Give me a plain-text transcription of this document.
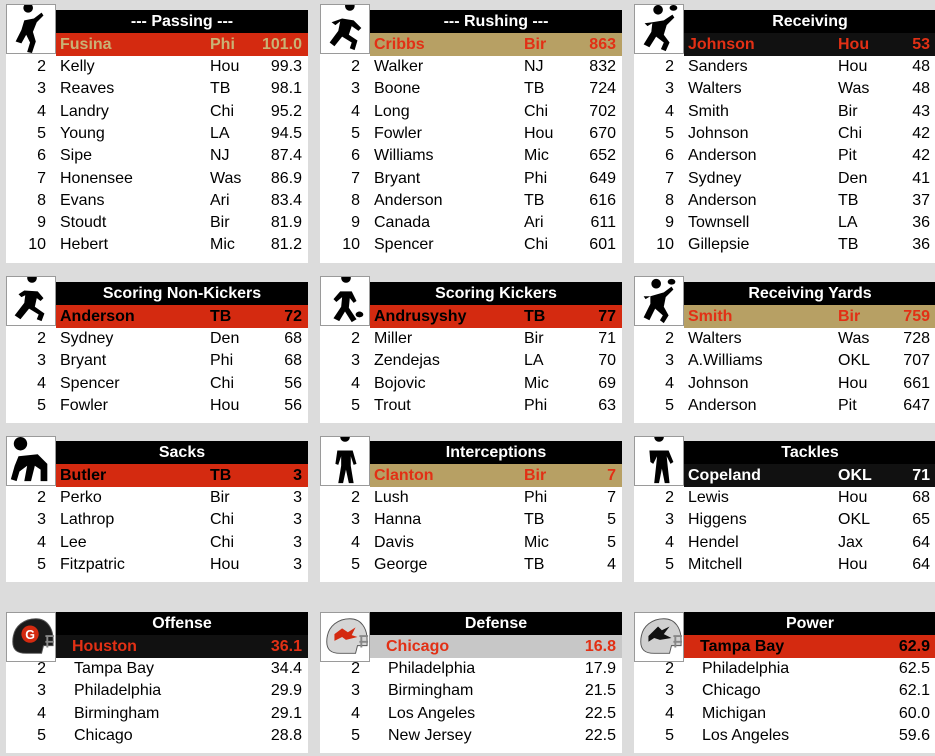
--- Passing ---
Fusina	Phi 101.0
2 Kelly	Hou 99.3
3 Reaves	TB	98.1
4 Landry	Chi 95.2
5 Young	LA	94.5
6 Sipe	NJ	87.4
7 Honensee	Was 86.9
8 Evans	Ari	83.4
9 Stoudt	Bir	81.9
10 Hebert	Mic 81.2
--- Rushing ---
Cribbs	Bir	863
2 Walker	NJ	832
3 Boone	TB	724
4 Long	Chi	702
5 Fowler	Hou 670
6 Williams	Mic	652
7 Bryant	Phi	649
8 Anderson	TB	616
9 Canada	Ari	611
10 Spencer	Chi	601
Receiving
Johnson	Hou	53
2 Sanders	Hou	48
3 Walters	Was	48
4 Smith	Bir	43
5 Johnson	Chi	42
6 Anderson	Pit	42
7 Sydney	Den	41
8 Anderson	TB	37
9 Townsell	LA	36
10 Gillepsie	TB	36
Scoring Non-Kickers
Anderson	TB	72
2 Sydney	Den	68
3 Bryant	Phi	68
4 Spencer	Chi	56
5 Fowler	Hou	56
Scoring Kickers
Andrusyshy	TB	77
2 Miller	Bir	71
3 Zendejas	LA	70
4 Bojovic	Mic	69
5 Trout	Phi	63
Receiving Yards
Smith	Bir	759
2 Walters	Was 728
3 A.Williams	OKL 707
4 Johnson	Hou 661
5 Anderson	Pit	647
Sacks
Butler	TB	3
2 Perko	Bir	3
3 Lathrop	Chi	3
4 Lee	Chi	3
5 Fitzpatric	Hou	3
Interceptions
Clanton	Bir	7
2 Lush	Phi	7
3 Hanna	TB	5
4 Davis	Mic	5
5 George	TB	4
Tackles
Copeland	OKL	71
2 Lewis	Hou	68
3 Higgens	OKL	65
4 Hendel	Jax	64
5 Mitchell	Hou	64
Offense
Houston	36.1
G
2 Tampa Bay	34.4
3 Philadelphia	29.9
4 Birmingham	29.1
5 Chicago	28.8
Defense
Chicago	16.8
2 Philadelphia	17.9
3 Birmingham	21.5
4 Los Angeles	22.5
5 New Jersey	22.5
Power
Tampa Bay	62.9
2 Philadelphia	62.5
3 Chicago	62.1
4 Michigan	60.0
5 Los Angeles	59.6
